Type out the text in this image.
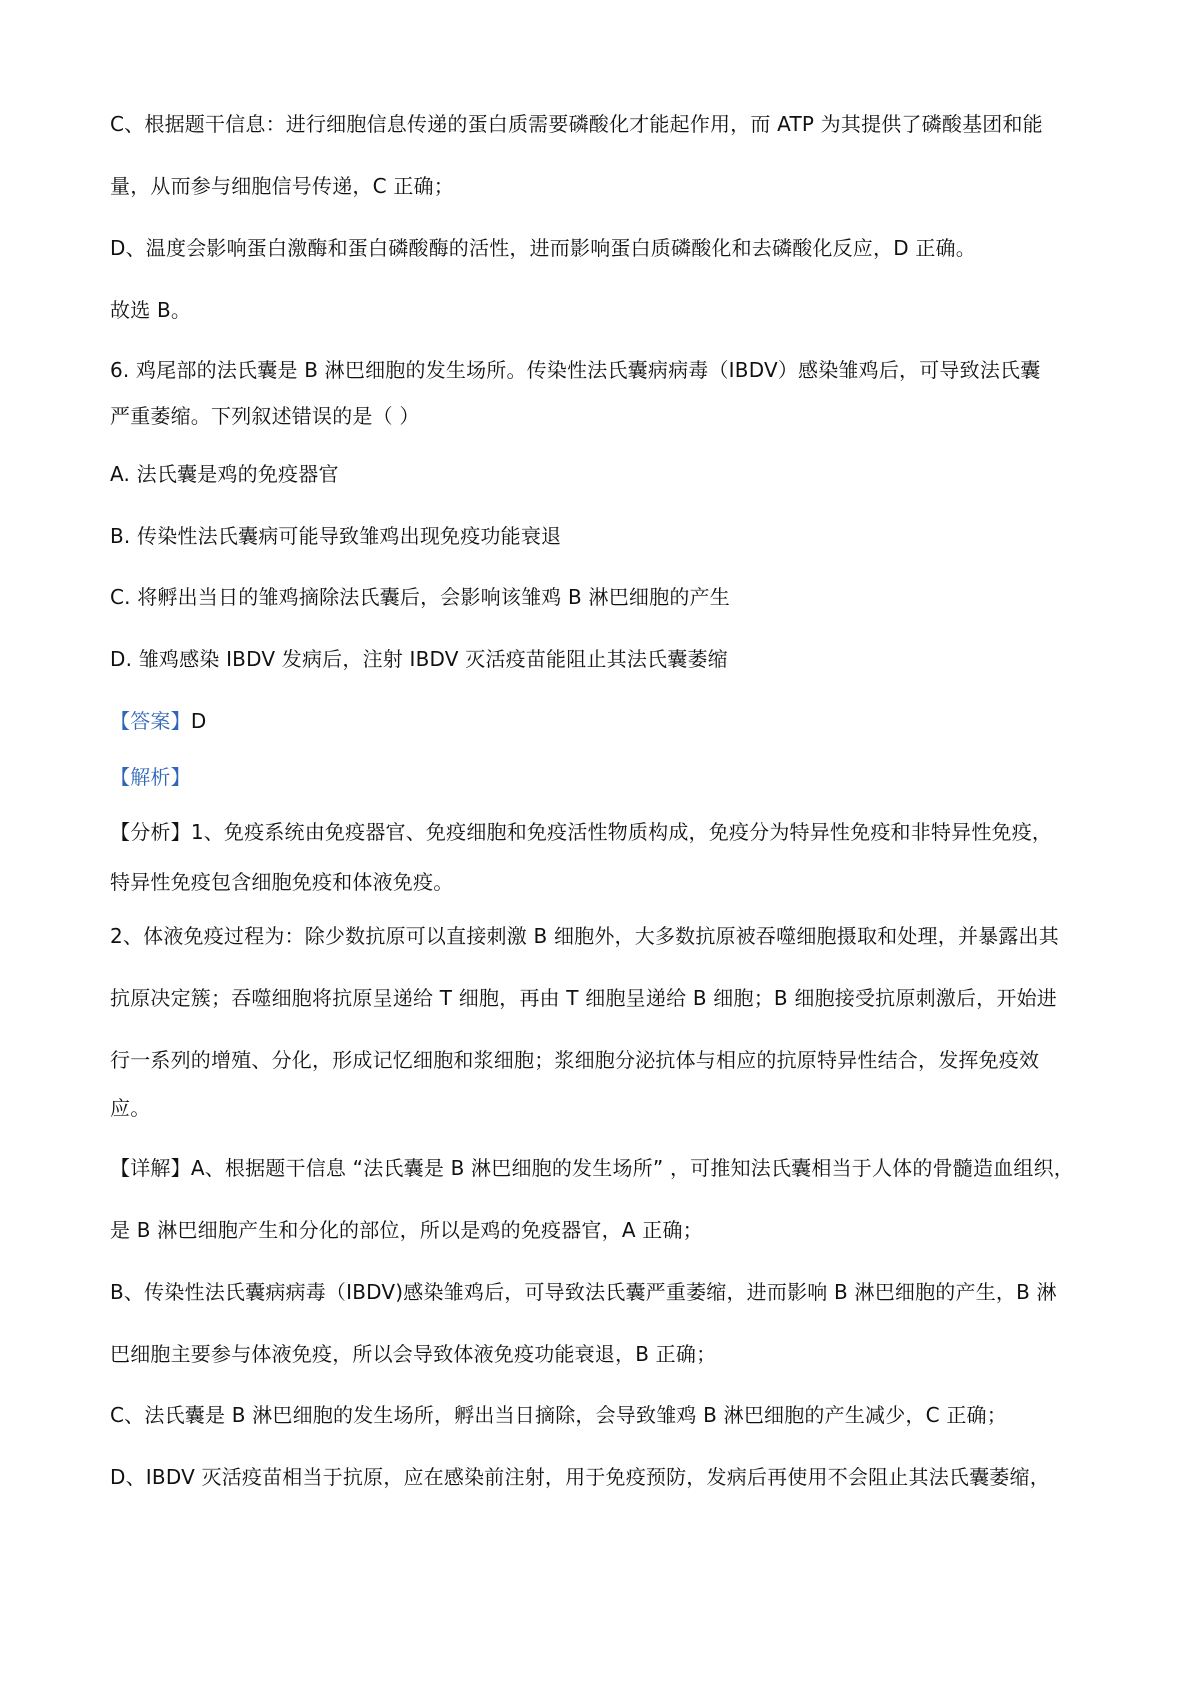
C、根据题干信息：进行细胞信息传递的蛋白质需要磷酸化才能起作用，而 ATP 为其提供了磷酸基团和能
量，从而参与细胞信号传递，C 正确；
D、温度会影响蛋白激酶和蛋白磷酸酶的活性，进而影响蛋白质磷酸化和去磷酸化反应，D 正确。
故选 B。
6. 鸡尾部的法氏囊是 B 淋巴细胞的发生场所。传染性法氏囊病病毒（IBDV）感染雏鸡后，可导致法氏囊
严重萎缩。下列叙述错误的是（ ）
A. 法氏囊是鸡的免疫器官
B. 传染性法氏囊病可能导致雏鸡出现免疫功能衰退
C. 将孵出当日的雏鸡摘除法氏囊后，会影响该雏鸡 B 淋巴细胞的产生
D. 雏鸡感染 IBDV 发病后，注射 IBDV 灭活疫苗能阻止其法氏囊萎缩
【答案】D
【解析】
【分析】1、免疫系统由免疫器官、免疫细胞和免疫活性物质构成，免疫分为特异性免疫和非特异性免疫，
特异性免疫包含细胞免疫和体液免疫。
2、体液免疫过程为：除少数抗原可以直接刺激 B 细胞外，大多数抗原被吞噬细胞摄取和处理，并暴露出其
抗原决定簇；吞噬细胞将抗原呈递给 T 细胞，再由 T 细胞呈递给 B 细胞；B 细胞接受抗原刺激后，开始进
行一系列的增殖、分化，形成记忆细胞和浆细胞；浆细胞分泌抗体与相应的抗原特异性结合，发挥免疫效
应。
【详解】A、根据题干信息 “法氏囊是 B 淋巴细胞的发生场所” ，可推知法氏囊相当于人体的骨髓造血组织，
是 B 淋巴细胞产生和分化的部位，所以是鸡的免疫器官，A 正确；
B、传染性法氏囊病病毒（IBDV)感染雏鸡后，可导致法氏囊严重萎缩，进而影响 B 淋巴细胞的产生，B 淋
巴细胞主要参与体液免疫，所以会导致体液免疫功能衰退，B 正确；
C、法氏囊是 B 淋巴细胞的发生场所，孵出当日摘除，会导致雏鸡 B 淋巴细胞的产生减少，C 正确；
D、IBDV 灭活疫苗相当于抗原，应在感染前注射，用于免疫预防，发病后再使用不会阻止其法氏囊萎缩，
